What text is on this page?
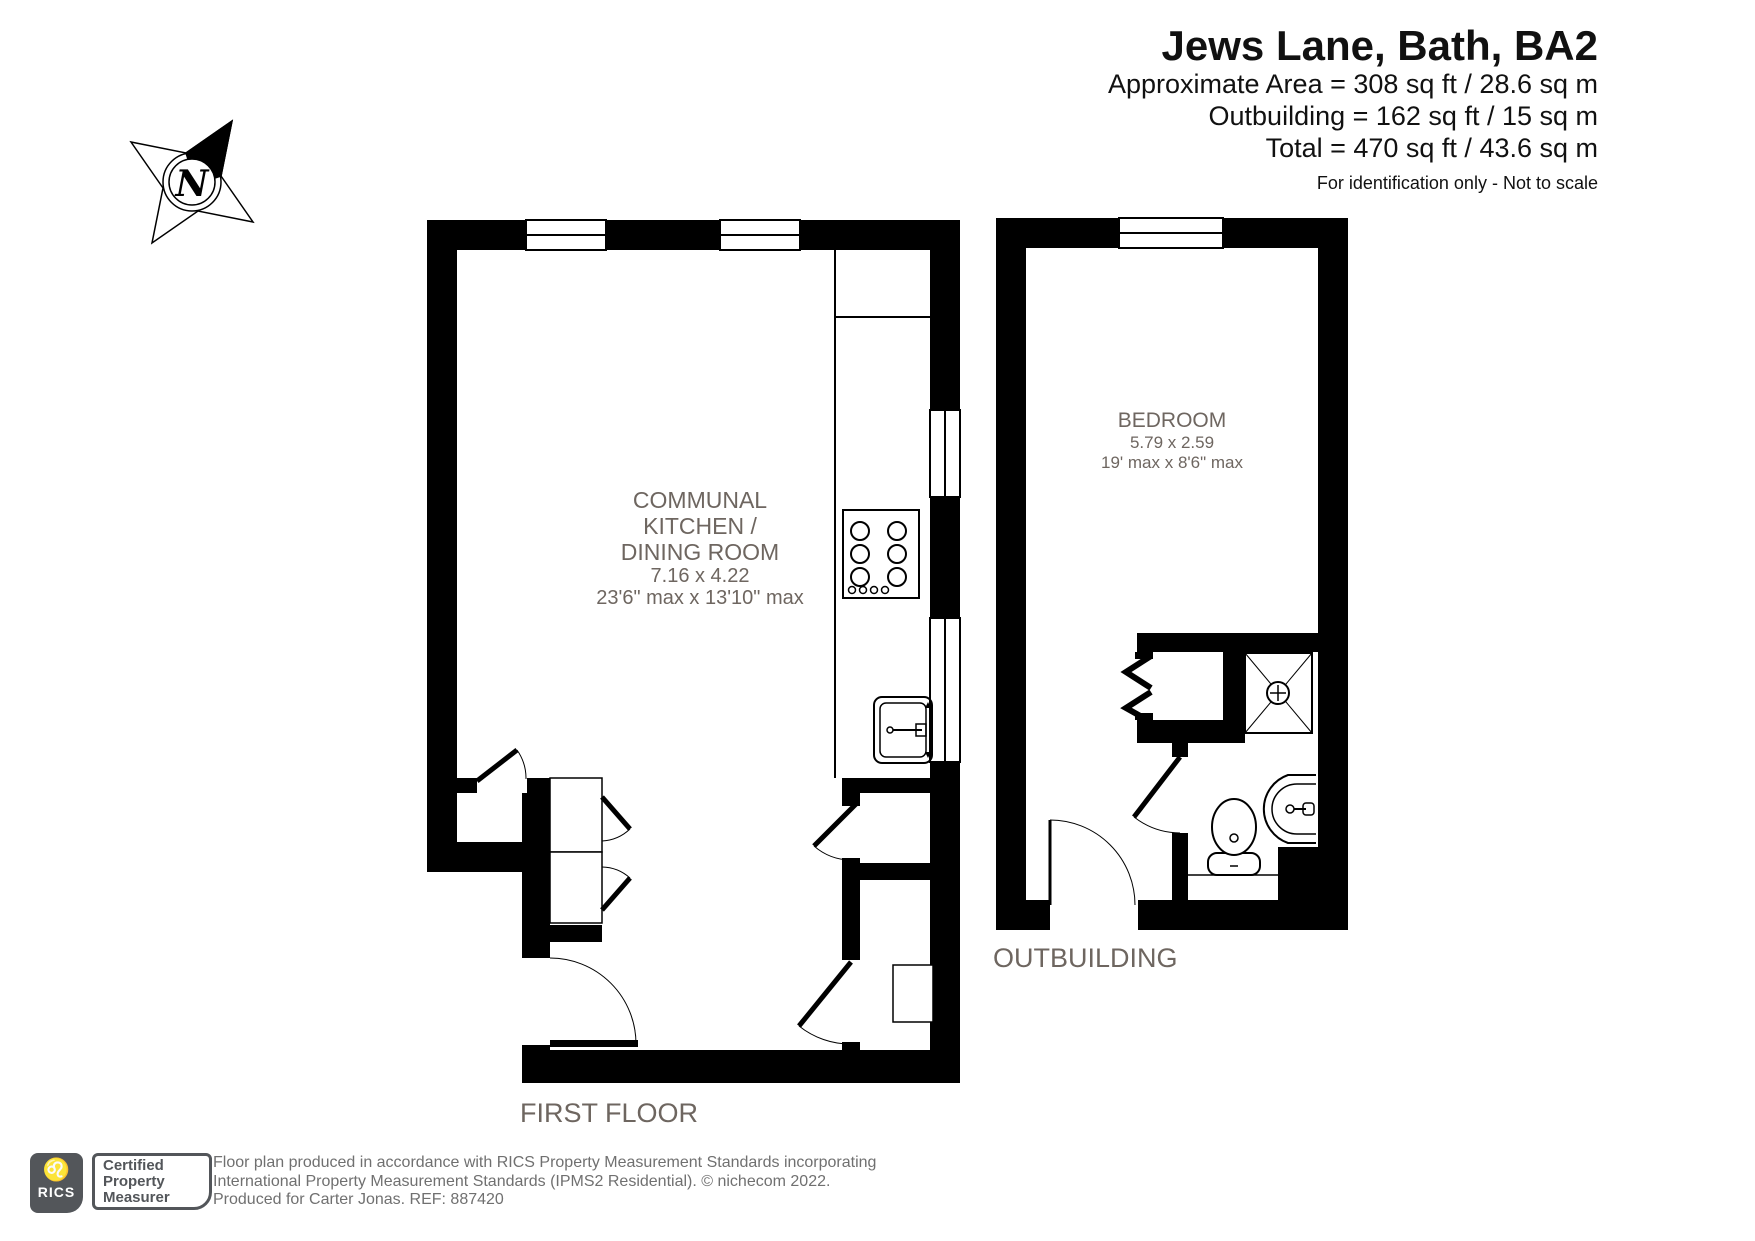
N
Jews Lane, Bath, BA2
Approximate Area = 308 sq ft / 28.6 sq m
Outbuilding = 162 sq ft / 15 sq m
Total = 470 sq ft / 43.6 sq m
For identification only - Not to scale
COMMUNAL
KITCHEN /
DINING ROOM
7.16 x 4.22
23'6" max x 13'10" max
BEDROOM
5.79 x 2.59
19' max x 8'6" max
FIRST FLOOR
OUTBUILDING
♌
RICS
Certified
Property
Measurer
Floor plan produced in accordance with RICS Property Measurement Standards incorporating
International Property Measurement Standards (IPMS2 Residential). © nichecom 2022.
Produced for Carter Jonas. REF: 887420
